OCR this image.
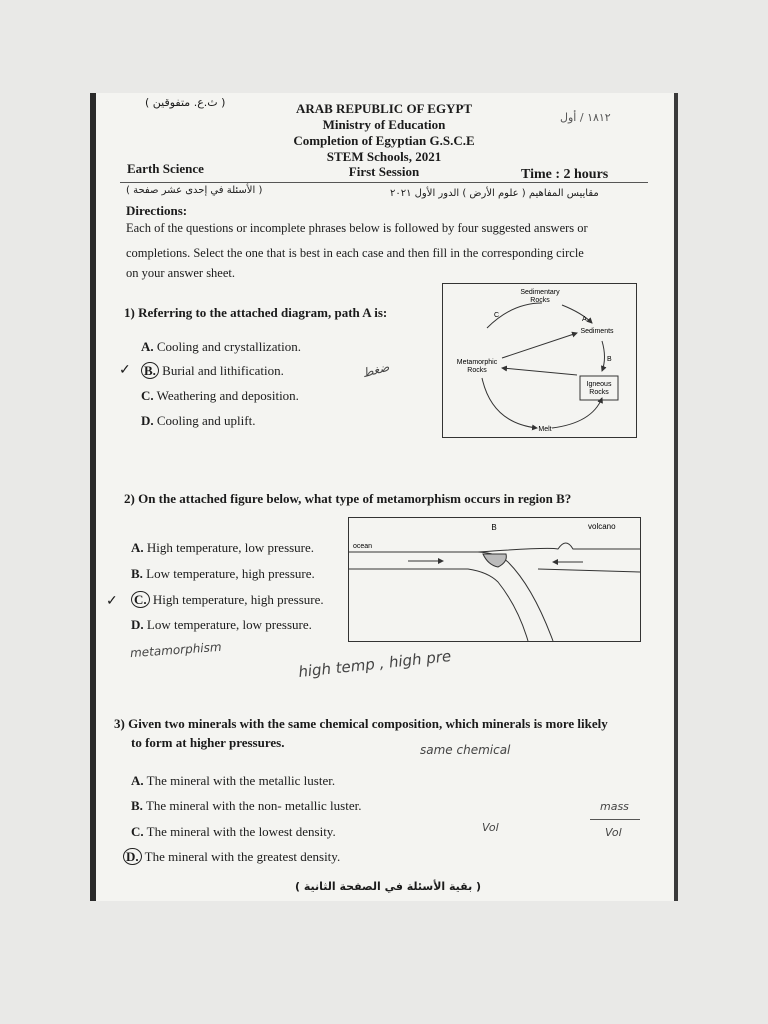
( ث.ع. متفوقين )
١٨١٢ / أول
ARAB REPUBLIC OF EGYPT
Ministry of Education
Completion of Egyptian G.S.C.E
STEM Schools, 2021
Earth Science	First Session	Time : 2 hours
( الأسئلة في إحدى عشر صفحة )	مقاييس المفاهيم ( علوم الأرض ) الدور الأول ٢٠٢١
Directions:
Each of the questions or incomplete phrases below is followed by four suggested answers or
completions. Select the one that is best in each case and then fill in the corresponding circle
on your answer sheet.
1) Referring to the attached diagram, path A is:
A. Cooling and crystallization.
B. Burial and lithification.
C. Weathering and deposition.
D. Cooling and uplift.
✓	ضغط
Sedimentary
Rocks
Sediments
Metamorphic
Rocks
Igneous
Rocks
Melt
A
B
C
2) On the attached figure below, what type of metamorphism occurs in region B?
A. High temperature, low pressure.
B. Low temperature, high pressure.
C. High temperature, high pressure.
D. Low temperature, low pressure.
✓
metamorphism	high temp , high pre
B	volcano
ocean
3) Given two minerals with the same chemical composition, which minerals is more likely
to form at higher pressures.	same chemical
A. The mineral with the metallic luster.
B. The mineral with the non- metallic luster.
C. The mineral with the lowest density.
D. The mineral with the greatest density.
Vol
mass
Vol
( بقية الأسئلة في الصفحة الثانية )
